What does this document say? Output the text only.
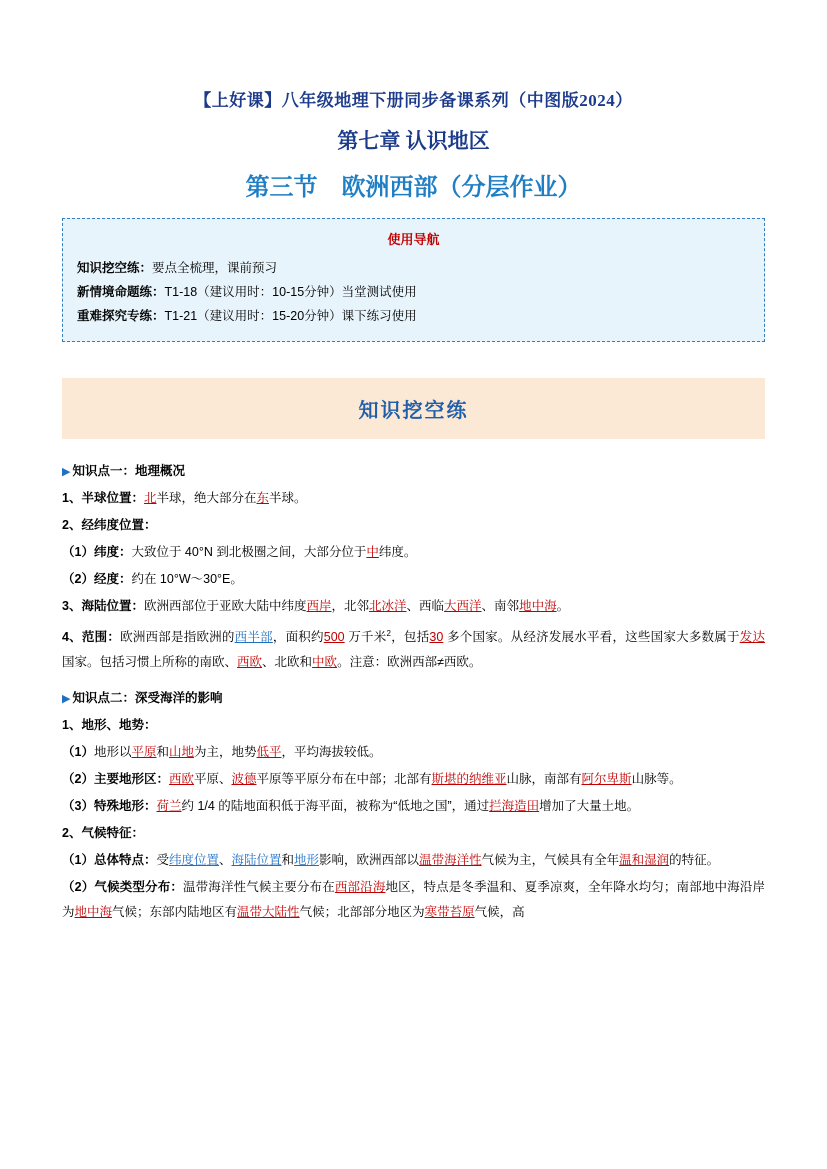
【上好课】八年级地理下册同步备课系列（中图版2024）
第七章 认识地区
第三节　欧洲西部（分层作业）
使用导航
知识挖空练：要点全梳理，课前预习
新情境命题练：T1-18（建议用时：10-15分钟）当堂测试使用
重难探究专练：T1-21（建议用时：15-20分钟）课下练习使用
知识挖空练
▶ 知识点一：地理概况

1、半球位置：北半球，绝大部分在东半球。

2、经纬度位置：

（1）纬度：大致位于 40°N 到北极圈之间，大部分位于中纬度。

（2）经度：约在 10°W～30°E。

3、海陆位置：欧洲西部位于亚欧大陆中纬度西岸，北邻北冰洋、西临大西洋、南邻地中海。

4、范围：欧洲西部是指欧洲的西半部，面积约500 万千米$^2$，包括30 多个国家。从经济发展水平看，这些国家大多数属于发达国家。包括习惯上所称的南欧、西欧、北欧和中欧。注意：欧洲西部≠西欧。

▶ 知识点二：深受海洋的影响

1、地形、地势：

（1）地形以平原和山地为主，地势低平，平均海拔较低。

（2）主要地形区：西欧平原、波德平原等平原分布在中部；北部有斯堪的纳维亚山脉，南部有阿尔卑斯山脉等。

（3）特殊地形：荷兰约 1/4 的陆地面积低于海平面，被称为“低地之国”，通过拦海造田增加了大量土地。

2、气候特征：

（1）总体特点：受纬度位置、海陆位置和地形影响，欧洲西部以温带海洋性气候为主，气候具有全年温和湿润的特征。

（2）气候类型分布：温带海洋性气候主要分布在西部沿海地区，特点是冬季温和、夏季凉爽，全年降水均匀；南部地中海沿岸为地中海气候；东部内陆地区有温带大陆性气候；北部部分地区为寒带苔原气候，高
